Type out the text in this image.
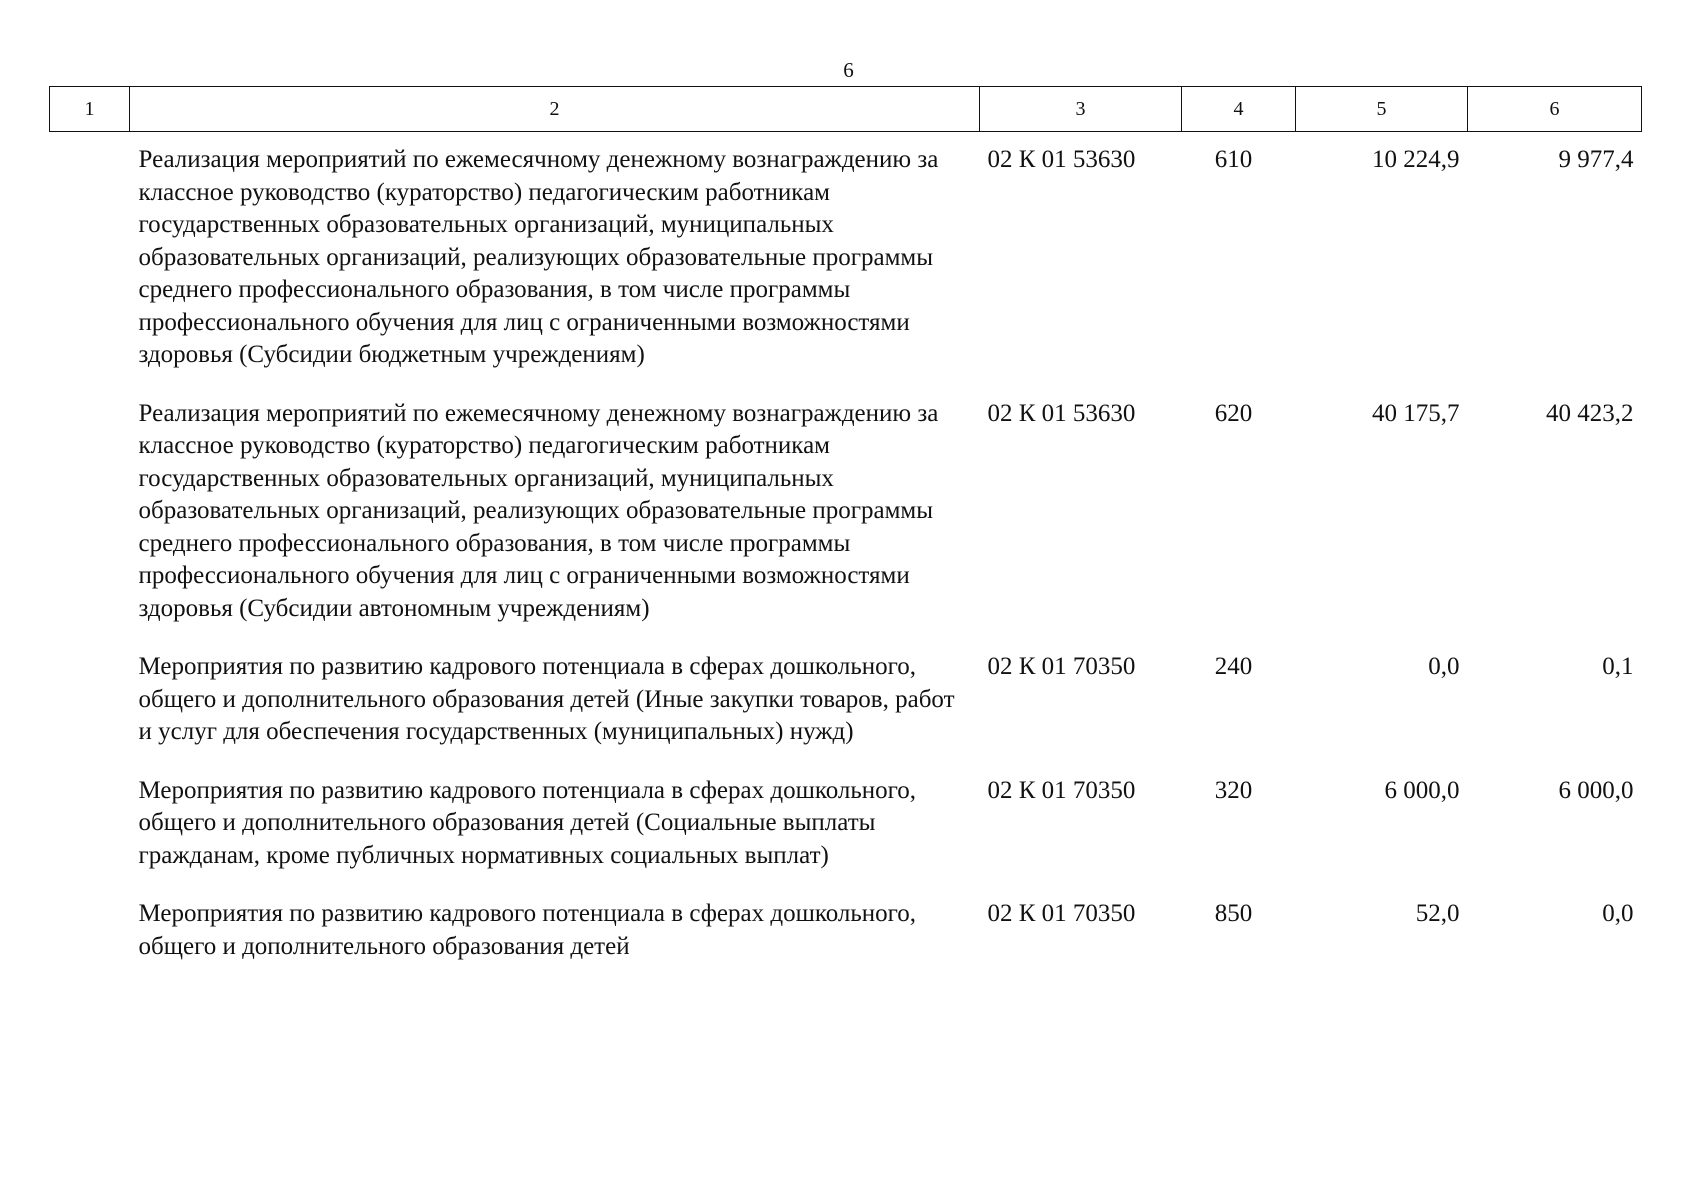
6
1	2	3	4	5	6
	Реализация мероприятий по ежемесячному денежному вознаграждению за классное руководство (кураторство) педагогическим работникам государственных образовательных организаций, муниципальных образовательных организаций, реализующих образовательные программы среднего профессионального образования, в том числе программы профессионального обучения для лиц с ограниченными возможностями здоровья (Субсидии бюджетным учреждениям)	02 К 01 53630	610	10 224,9	9 977,4
	Реализация мероприятий по ежемесячному денежному вознаграждению за классное руководство (кураторство) педагогическим работникам государственных образовательных организаций, муниципальных образовательных организаций, реализующих образовательные программы среднего профессионального образования, в том числе программы профессионального обучения для лиц с ограниченными возможностями здоровья (Субсидии автономным учреждениям)	02 К 01 53630	620	40 175,7	40 423,2
	Мероприятия по развитию кадрового потенциала в сферах дошкольного, общего и дополнительного образования детей (Иные закупки товаров, работ и услуг для обеспечения государственных (муниципальных) нужд)	02 К 01 70350	240	0,0	0,1
	Мероприятия по развитию кадрового потенциала в сферах дошкольного, общего и дополнительного образования детей (Социальные выплаты гражданам, кроме публичных нормативных социальных выплат)	02 К 01 70350	320	6 000,0	6 000,0
	Мероприятия по развитию кадрового потенциала в сферах дошкольного, общего и дополнительного образования детей	02 К 01 70350	850	52,0	0,0
